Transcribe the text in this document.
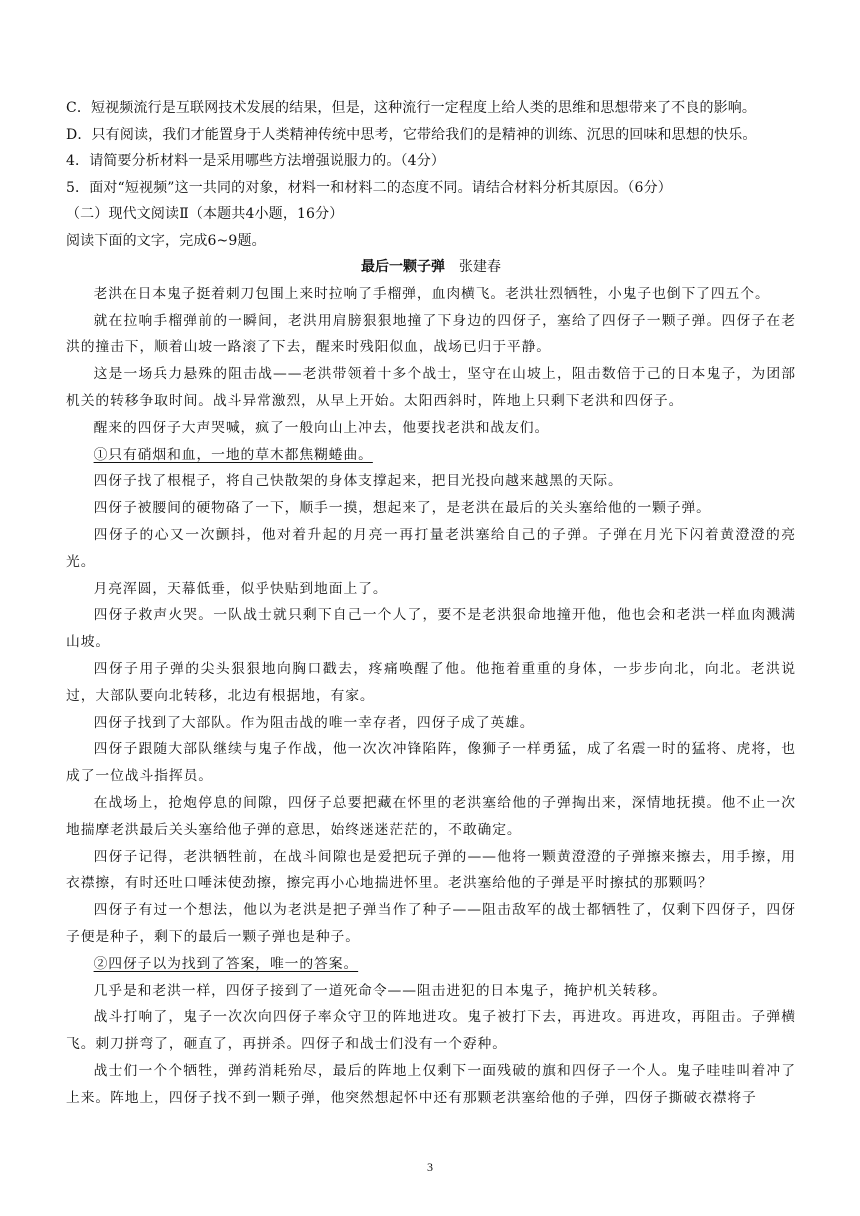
C．短视频流行是互联网技术发展的结果，但是，这种流行一定程度上给人类的思维和思想带来了不良的影响。

D．只有阅读，我们才能置身于人类精神传统中思考，它带给我们的是精神的训练、沉思的回味和思想的快乐。

4．请简要分析材料一是采用哪些方法增强说服力的。（4分）

5．面对“短视频”这一共同的对象，材料一和材料二的态度不同。请结合材料分析其原因。（6分）

（二）现代文阅读Ⅱ（本题共4小题，16分）

阅读下面的文字，完成6~9题。

最后一颗子弹 张建春

老洪在日本鬼子挺着刺刀包围上来时拉响了手榴弹，血肉横飞。老洪壮烈牺牲，小鬼子也倒下了四五个。

就在拉响手榴弹前的一瞬间，老洪用肩膀狠狠地撞了下身边的四伢子，塞给了四伢子一颗子弹。四伢子在老洪的撞击下，顺着山坡一路滚了下去，醒来时残阳似血，战场已归于平静。

这是一场兵力悬殊的阻击战——老洪带领着十多个战士，坚守在山坡上，阻击数倍于己的日本鬼子，为团部机关的转移争取时间。战斗异常激烈，从早上开始。太阳西斜时，阵地上只剩下老洪和四伢子。

醒来的四伢子大声哭喊，疯了一般向山上冲去，他要找老洪和战友们。

①只有硝烟和血，一地的草木都焦糊蜷曲。

四伢子找了根棍子，将自己快散架的身体支撑起来，把目光投向越来越黑的天际。

四伢子被腰间的硬物硌了一下，顺手一摸，想起来了，是老洪在最后的关头塞给他的一颗子弹。

四伢子的心又一次颤抖，他对着升起的月亮一再打量老洪塞给自己的子弹。子弹在月光下闪着黄澄澄的亮光。

月亮浑圆，天幕低垂，似乎快贴到地面上了。

四伢子救声火哭。一队战士就只剩下自己一个人了，要不是老洪狠命地撞开他，他也会和老洪一样血肉溅满山坡。

四伢子用子弹的尖头狠狠地向胸口戳去，疼痛唤醒了他。他拖着重重的身体，一步步向北，向北。老洪说过，大部队要向北转移，北边有根据地，有家。

四伢子找到了大部队。作为阻击战的唯一幸存者，四伢子成了英雄。

四伢子跟随大部队继续与鬼子作战，他一次次冲锋陷阵，像狮子一样勇猛，成了名震一时的猛将、虎将，也成了一位战斗指挥员。

在战场上，抢炮停息的间隙，四伢子总要把藏在怀里的老洪塞给他的子弹掏出来，深情地抚摸。他不止一次地揣摩老洪最后关头塞给他子弹的意思，始终迷迷茫茫的，不敢确定。

四伢子记得，老洪牺牲前，在战斗间隙也是爱把玩子弹的——他将一颗黄澄澄的子弹擦来擦去，用手擦，用衣襟擦，有时还吐口唾沫使劲擦，擦完再小心地揣进怀里。老洪塞给他的子弹是平时擦拭的那颗吗？

四伢子有过一个想法，他以为老洪是把子弹当作了种子——阻击敌军的战士都牺牲了，仅剩下四伢子，四伢子便是种子，剩下的最后一颗子弹也是种子。

②四伢子以为找到了答案，唯一的答案。

几乎是和老洪一样，四伢子接到了一道死命令——阻击进犯的日本鬼子，掩护机关转移。

战斗打响了，鬼子一次次向四伢子率众守卫的阵地进攻。鬼子被打下去，再进攻。再进攻，再阻击。子弹横飞。刺刀拼弯了，砸直了，再拼杀。四伢子和战士们没有一个孬种。

战士们一个个牺牲，弹药消耗殆尽，最后的阵地上仅剩下一面残破的旗和四伢子一个人。鬼子哇哇叫着冲了上来。阵地上，四伢子找不到一颗子弹，他突然想起怀中还有那颗老洪塞给他的子弹，四伢子撕破衣襟将子

3
